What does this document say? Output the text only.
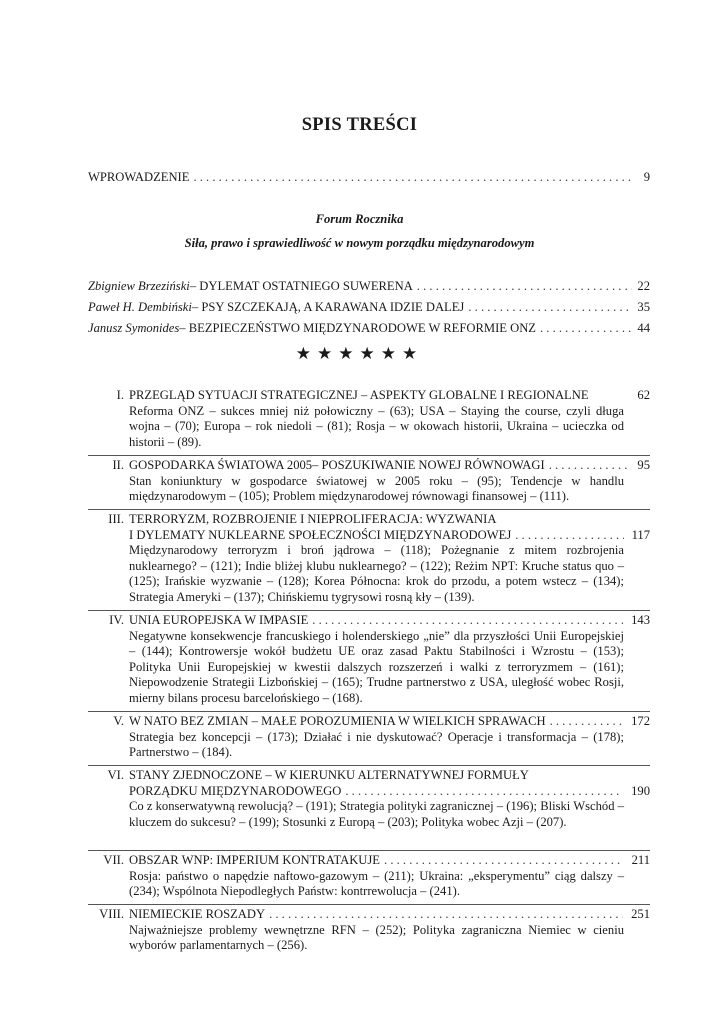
SPIS TREŚCI
WPROWADZENIE . . .	9
Forum Rocznika
Siła, prawo i sprawiedliwość w nowym porządku międzynarodowym
Zbigniew Brzeziński – DYLEMAT OSTATNIEGO SUWERENA . . .	22
Paweł H. Dembiński – PSY SZCZEKAJĄ, A KARAWANA IDZIE DALEJ . . .	35
Janusz Symonides – BEZPIECZEŃSTWO MIĘDZYNARODOWE W REFORMIE ONZ . . .	44
★★★★★★
I. PRZEGLĄD SYTUACJI STRATEGICZNEJ – ASPEKTY GLOBALNE I REGIONALNE	62
Reforma ONZ – sukces mniej niż połowiczny – (63); USA – Staying the course, czyli długa wojna – (70); Europa – rok niedoli – (81); Rosja – w okowach historii, Ukraina – ucieczka od historii – (89).
II. GOSPODARKA ŚWIATOWA 2005– POSZUKIWANIE NOWEJ RÓWNOWAGI . . .	95
Stan koniunktury w gospodarce światowej w 2005 roku – (95); Tendencje w handlu międzynarodowym – (105); Problem międzynarodowej równowagi finansowej – (111).
III. TERRORYZM, ROZBROJENIE I NIEPROLIFERACJA: WYZWANIA
I DYLEMATY NUKLEARNE SPOŁECZNOŚCI MIĘDZYNARODOWEJ . . .	117
Międzynarodowy terroryzm i broń jądrowa – (118); Pożegnanie z mitem rozbrojenia nuklearnego? – (121); Indie bliżej klubu nuklearnego? – (122); Reżim NPT: Kruche status quo – (125); Irańskie wyzwanie – (128); Korea Północna: krok do przodu, a potem wstecz – (134); Strategia Ameryki – (137); Chińskiemu tygrysowi rosną kły – (139).
IV. UNIA EUROPEJSKA W IMPASIE . . .	143
Negatywne konsekwencje francuskiego i holenderskiego „nie” dla przyszłości Unii Europejskiej – (144); Kontrowersje wokół budżetu UE oraz zasad Paktu Stabilności i Wzrostu – (153); Polityka Unii Europejskiej w kwestii dalszych rozszerzeń i walki z terroryzmem – (161); Niepowodzenie Strategii Lizbońskiej – (165); Trudne partnerstwo z USA, uległość wobec Rosji, mierny bilans procesu barcelońskiego – (168).
V. W NATO BEZ ZMIAN – MAŁE POROZUMIENIA W WIELKICH SPRAWACH . . .	172
Strategia bez koncepcji – (173); Działać i nie dyskutować? Operacje i transformacja – (178); Partnerstwo – (184).
VI. STANY ZJEDNOCZONE – W KIERUNKU ALTERNATYWNEJ FORMUŁY
PORZĄDKU MIĘDZYNARODOWEGO . . .	190
Co z konserwatywną rewolucją? – (191); Strategia polityki zagranicznej – (196); Bliski Wschód – kluczem do sukcesu? – (199); Stosunki z Europą – (203); Polityka wobec Azji – (207).
VII. OBSZAR WNP: IMPERIUM KONTRATAKUJE . . .	211
Rosja: państwo o napędzie naftowo-gazowym – (211); Ukraina: „eksperymentu” ciąg dalszy – (234); Wspólnota Niepodległych Państw: kontrrewolucja – (241).
VIII. NIEMIECKIE ROSZADY . . .	251
Najważniejsze problemy wewnętrzne RFN – (252); Polityka zagraniczna Niemiec w cieniu wyborów parlamentarnych – (256).
